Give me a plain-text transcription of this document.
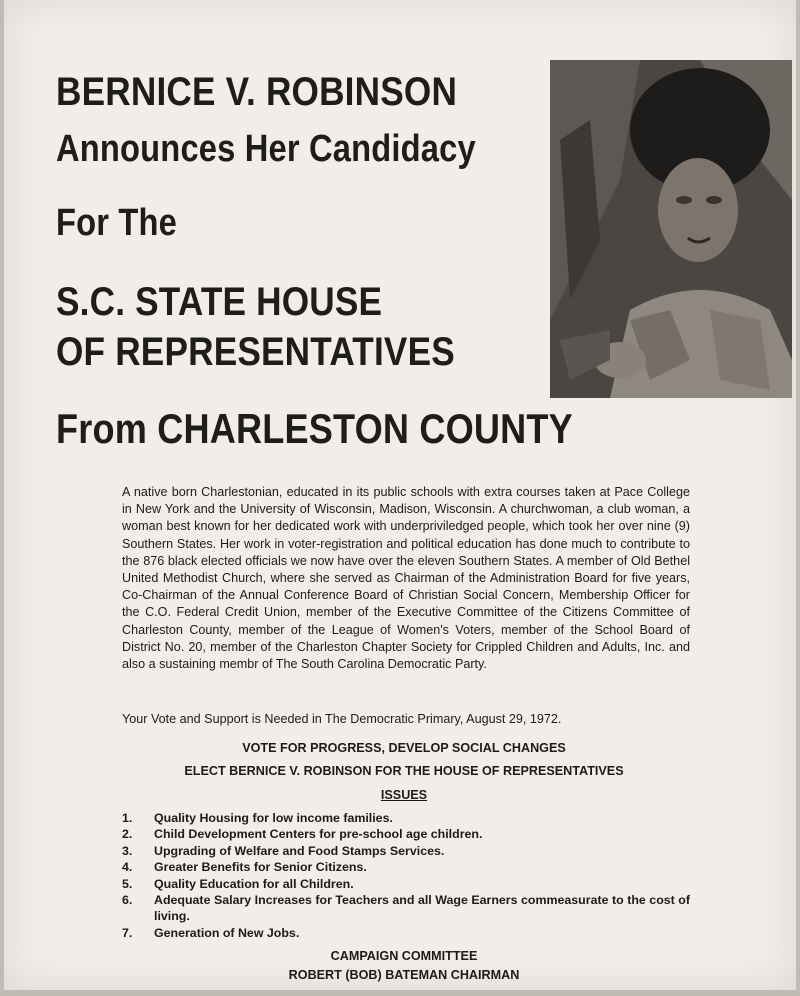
BERNICE V. ROBINSON
Announces Her Candidacy
For The
S.C. STATE HOUSE
OF REPRESENTATIVES
From CHARLESTON COUNTY
A native born Charlestonian, educated in its public schools with extra courses taken at Pace College in New York and the University of Wisconsin, Madison, Wisconsin. A churchwoman, a club woman, a woman best known for her dedicated work with underpriviledged people, which took her over nine (9) Southern States. Her work in voter-registration and political education has done much to contribute to the 876 black elected officials we now have over the eleven Southern States. A member of Old Bethel United Methodist Church, where she served as Chairman of the Administration Board for five years, Co-Chairman of the Annual Conference Board of Christian Social Concern, Membership Officer for the C.O. Federal Credit Union, member of the Executive Committee of the Citizens Committee of Charleston County, member of the League of Women's Voters, member of the School Board of District No. 20, member of the Charleston Chapter Society for Crippled Children and Adults, Inc. and also a sustaining membr of The South Carolina Democratic Party.
Your Vote and Support is Needed in The Democratic Primary, August 29, 1972.
VOTE FOR PROGRESS, DEVELOP SOCIAL CHANGES
ELECT BERNICE V. ROBINSON FOR THE HOUSE OF REPRESENTATIVES
ISSUES
1.	Quality Housing for low income families.
2.	Child Development Centers for pre-school age children.
3.	Upgrading of Welfare and Food Stamps Services.
4.	Greater Benefits for Senior Citizens.
5.	Quality Education for all Children.
6.	Adequate Salary Increases for Teachers and all Wage Earners commeasurate to the cost of living.
7.	Generation of New Jobs.
CAMPAIGN COMMITTEE
ROBERT (BOB) BATEMAN CHAIRMAN
